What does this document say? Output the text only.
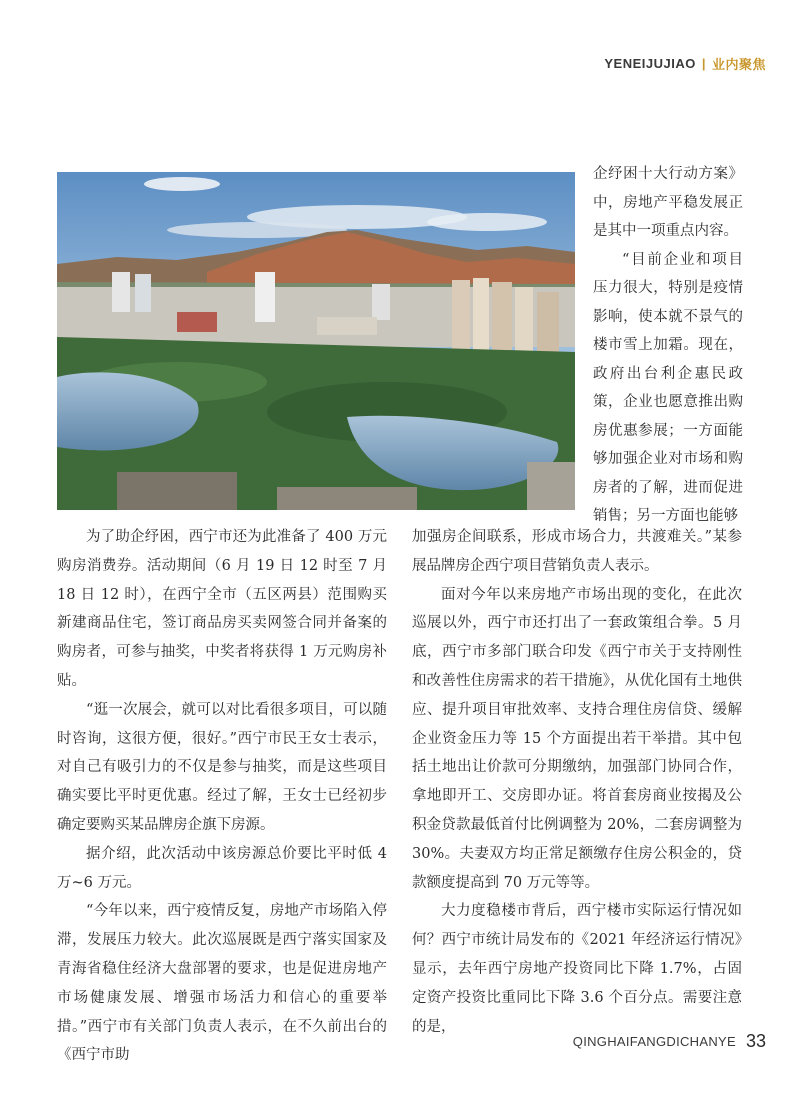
YENEIJUJIAO | 业内聚焦

企纾困十大行动方案》中，房地产平稳发展正是其中一项重点内容。

“目前企业和项目压力很大，特别是疫情影响，使本就不景气的楼市雪上加霜。现在，政府出台利企惠民政策，企业也愿意推出购房优惠参展；一方面能够加强企业对市场和购房者的了解，进而促进销售；另一方面也能够

为了助企纾困，西宁市还为此准备了 400 万元购房消费券。活动期间（6 月 19 日 12 时至 7 月 18 日 12 时），在西宁全市（五区两县）范围购买新建商品住宅，签订商品房买卖网签合同并备案的购房者，可参与抽奖，中奖者将获得 1 万元购房补贴。

“逛一次展会，就可以对比看很多项目，可以随时咨询，这很方便，很好。”西宁市民王女士表示，对自己有吸引力的不仅是参与抽奖，而是这些项目确实要比平时更优惠。经过了解，王女士已经初步确定要购买某品牌房企旗下房源。

据介绍，此次活动中该房源总价要比平时低 4 万~6 万元。

“今年以来，西宁疫情反复，房地产市场陷入停滞，发展压力较大。此次巡展既是西宁落实国家及青海省稳住经济大盘部署的要求，也是促进房地产市场健康发展、增强市场活力和信心的重要举措。”西宁市有关部门负责人表示，在不久前出台的《西宁市助

加强房企间联系，形成市场合力，共渡难关。”某参展品牌房企西宁项目营销负责人表示。

面对今年以来房地产市场出现的变化，在此次巡展以外，西宁市还打出了一套政策组合拳。5 月底，西宁市多部门联合印发《西宁市关于支持刚性和改善性住房需求的若干措施》，从优化国有土地供应、提升项目审批效率、支持合理住房信贷、缓解企业资金压力等 15 个方面提出若干举措。其中包括土地出让价款可分期缴纳，加强部门协同合作，拿地即开工、交房即办证。将首套房商业按揭及公积金贷款最低首付比例调整为 20%，二套房调整为 30%。夫妻双方均正常足额缴存住房公积金的，贷款额度提高到 70 万元等等。

大力度稳楼市背后，西宁楼市实际运行情况如何？西宁市统计局发布的《2021 年经济运行情况》显示，去年西宁房地产投资同比下降 1.7%，占固定资产投资比重同比下降 3.6 个百分点。需要注意的是，

QINGHAIFANGDICHANYE 33
